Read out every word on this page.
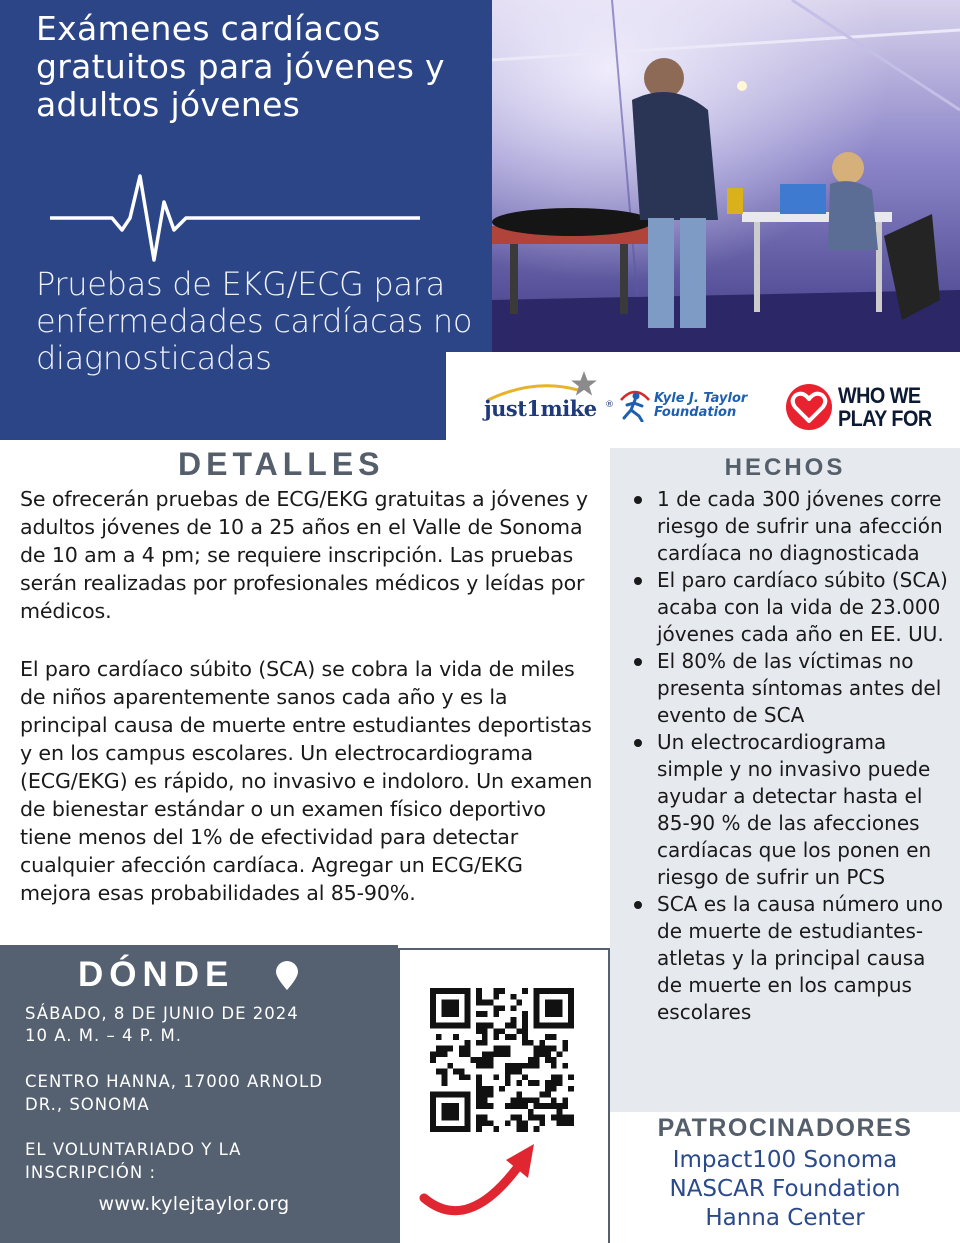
Exámenes cardíacos gratuitos para jóvenes y adultos jóvenes
Pruebas de EKG/ECG para enfermedades cardíacas no diagnosticadas
just1mike ®	Kyle J. Taylor
Foundation
WHO WE
PLAY FOR
DETALLES

Se ofrecerán pruebas de ECG/EKG gratuitas a jóvenes y adultos jóvenes de 10 a 25 años en el Valle de Sonoma de 10 am a 4 pm; se requiere inscripción. Las pruebas serán realizadas por profesionales médicos y leídas por médicos.

El paro cardíaco súbito (SCA) se cobra la vida de miles de niños aparentemente sanos cada año y es la principal causa de muerte entre estudiantes deportistas y en los campus escolares. Un electrocardiograma (ECG/EKG) es rápido, no invasivo e indoloro. Un examen de bienestar estándar o un examen físico deportivo tiene menos del 1% de efectividad para detectar cualquier afección cardíaca. Agregar un ECG/EKG mejora esas probabilidades al 85-90%.

HECHOS
1 de cada 300 jóvenes corre riesgo de sufrir una afección cardíaca no diagnosticada
El paro cardíaco súbito (SCA) acaba con la vida de 23.000 jóvenes cada año en EE. UU.
El 80% de las víctimas no presenta síntomas antes del evento de SCA
Un electrocardiograma simple y no invasivo puede ayudar a detectar hasta el 85-90 % de las afecciones cardíacas que los ponen en riesgo de sufrir un PCS
SCA es la causa número uno de muerte de estudiantes-atletas y la principal causa de muerte en los campus escolares
PATROCINADORES
Impact100 Sonoma
NASCAR Foundation
Hanna Center
DÓNDE
SÁBADO, 8 DE JUNIO DE 2024
10 A. M. – 4 P. M.
CENTRO HANNA, 17000 ARNOLD DR., SONOMA
EL VOLUNTARIADO Y LA INSCRIPCIÓN :
www.kylejtaylor.org
